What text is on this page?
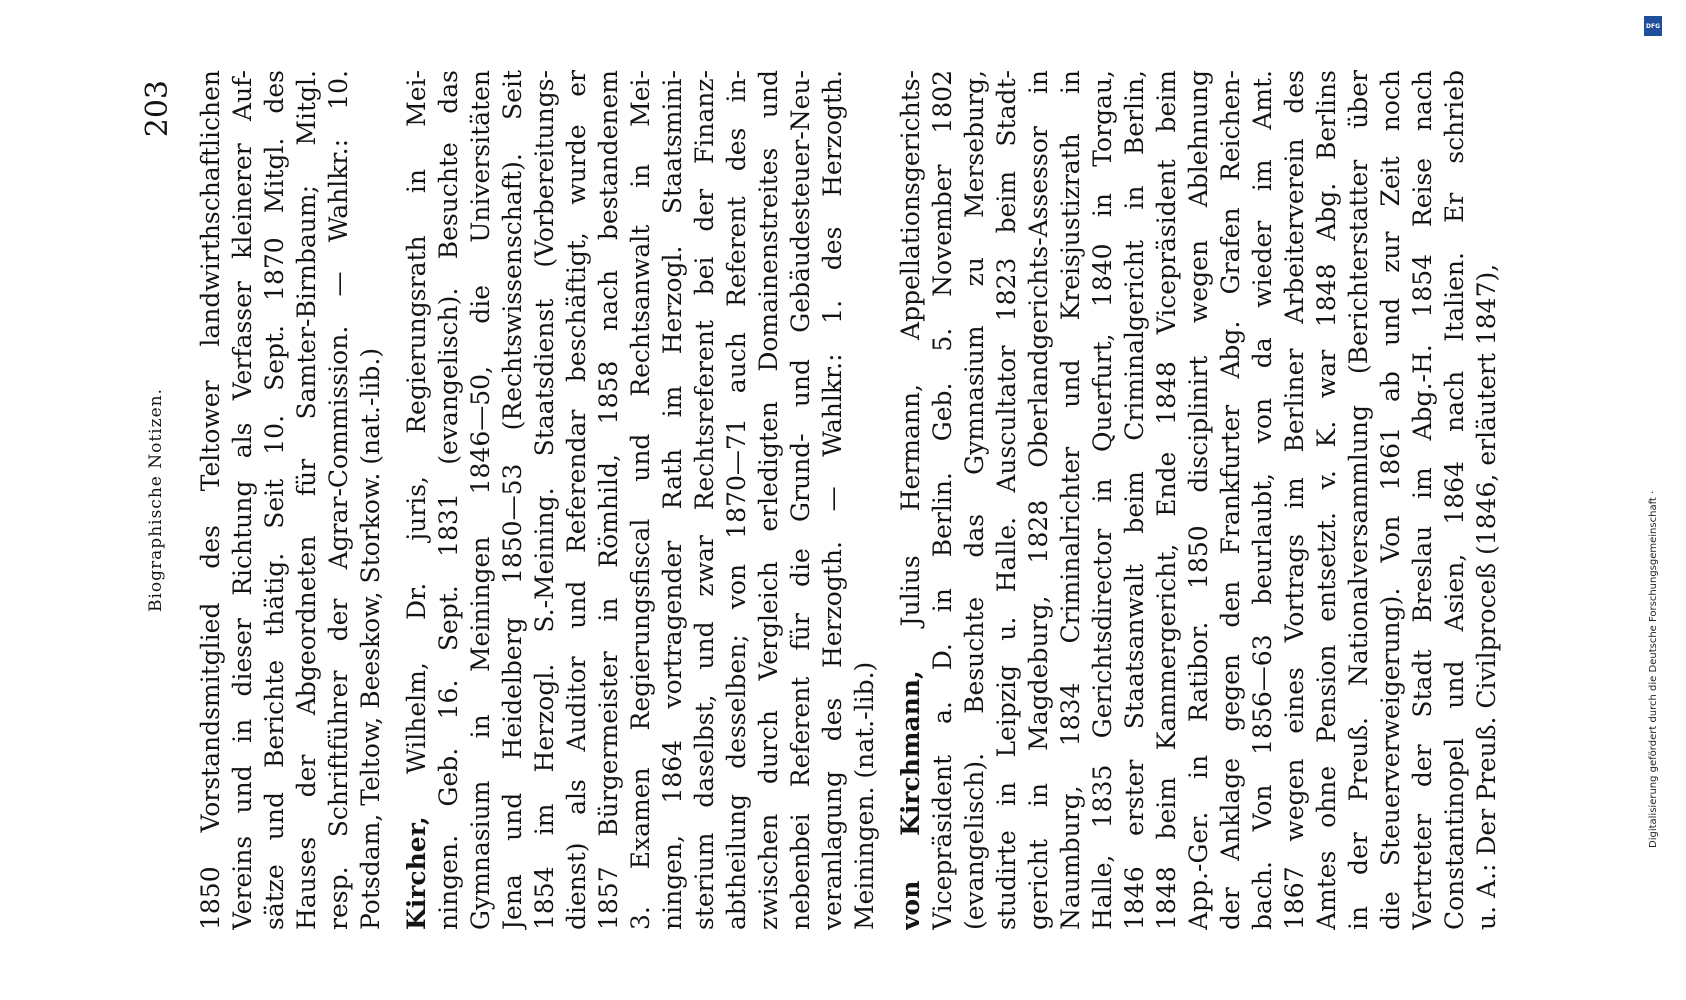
Biographische Notizen.
203 1850 Vorstandsmitglied des Teltower landwirthschaftlichen Vereins und in dieser Richtung als Verfasser kleinerer Auf- sätze und Berichte thätig. Seit 10. Sept. 1870 Mitgl. des Hauses der Abgeordneten für Samter-Birnbaum; Mitgl. resp. Schriftführer der Agrar-Commission. — Wahlkr.: 10. Potsdam, Teltow, Beeskow, Storkow. (nat.-lib.) Kircher, Wilhelm, Dr. juris, Regierungsrath in Mei- ningen. Geb. 16. Sept. 1831 (evangelisch). Besuchte das Gymnasium in Meiningen 1846—50, die Universitäten Jena und Heidelberg 1850—53 (Rechtswissenschaft). Seit 1854 im Herzogl. S.-Meining. Staatsdienst (Vorbereitungs- dienst) als Auditor und Referendar beschäftigt, wurde er 1857 Bürgermeister in Römhild, 1858 nach bestandenem 3. Examen Regierungsfiscal und Rechtsanwalt in Mei- ningen, 1864 vortragender Rath im Herzogl. Staatsmini- sterium daselbst, und zwar Rechtsreferent bei der Finanz- abtheilung desselben; von 1870—71 auch Referent des in- zwischen durch Vergleich erledigten Domainenstreites und nebenbei Referent für die Grund- und Gebäudesteuer-Neu- veranlagung des Herzogth. — Wahlkr.: 1. des Herzogth. Meiningen. (nat.-lib.) von Kirchmann, Julius Hermann, Appellationsgerichts- Vicepräsident a. D. in Berlin. Geb. 5. November 1802 (evangelisch). Besuchte das Gymnasium zu Merseburg, studirte in Leipzig u. Halle. Auscultator 1823 beim Stadt- gericht in Magdeburg, 1828 Oberlandgerichts-Assessor in Naumburg, 1834 Criminalrichter und Kreisjustizrath in Halle, 1835 Gerichtsdirector in Querfurt, 1840 in Torgau, 1846 erster Staatsanwalt beim Criminalgericht in Berlin, 1848 beim Kammergericht, Ende 1848 Vicepräsident beim App.-Ger. in Ratibor. 1850 disciplinirt wegen Ablehnung der Anklage gegen den Frankfurter Abg. Grafen Reichen- bach. Von 1856—63 beurlaubt, von da wieder im Amt. 1867 wegen eines Vortrags im Berliner Arbeiterverein des Amtes ohne Pension entsetzt. v. K. war 1848 Abg. Berlins in der Preuß. Nationalversammlung (Berichterstatter über die Steuerverweigerung). Von 1861 ab und zur Zeit noch Vertreter der Stadt Breslau im Abg.-H. 1854 Reise nach Constantinopel und Asien, 1864 nach Italien. Er schrieb u. A.: Der Preuß. Civilproceß (1846, erläutert 1847),
DFG
Digitalisierung gefördert durch die Deutsche Forschungsgemeinschaft ·
